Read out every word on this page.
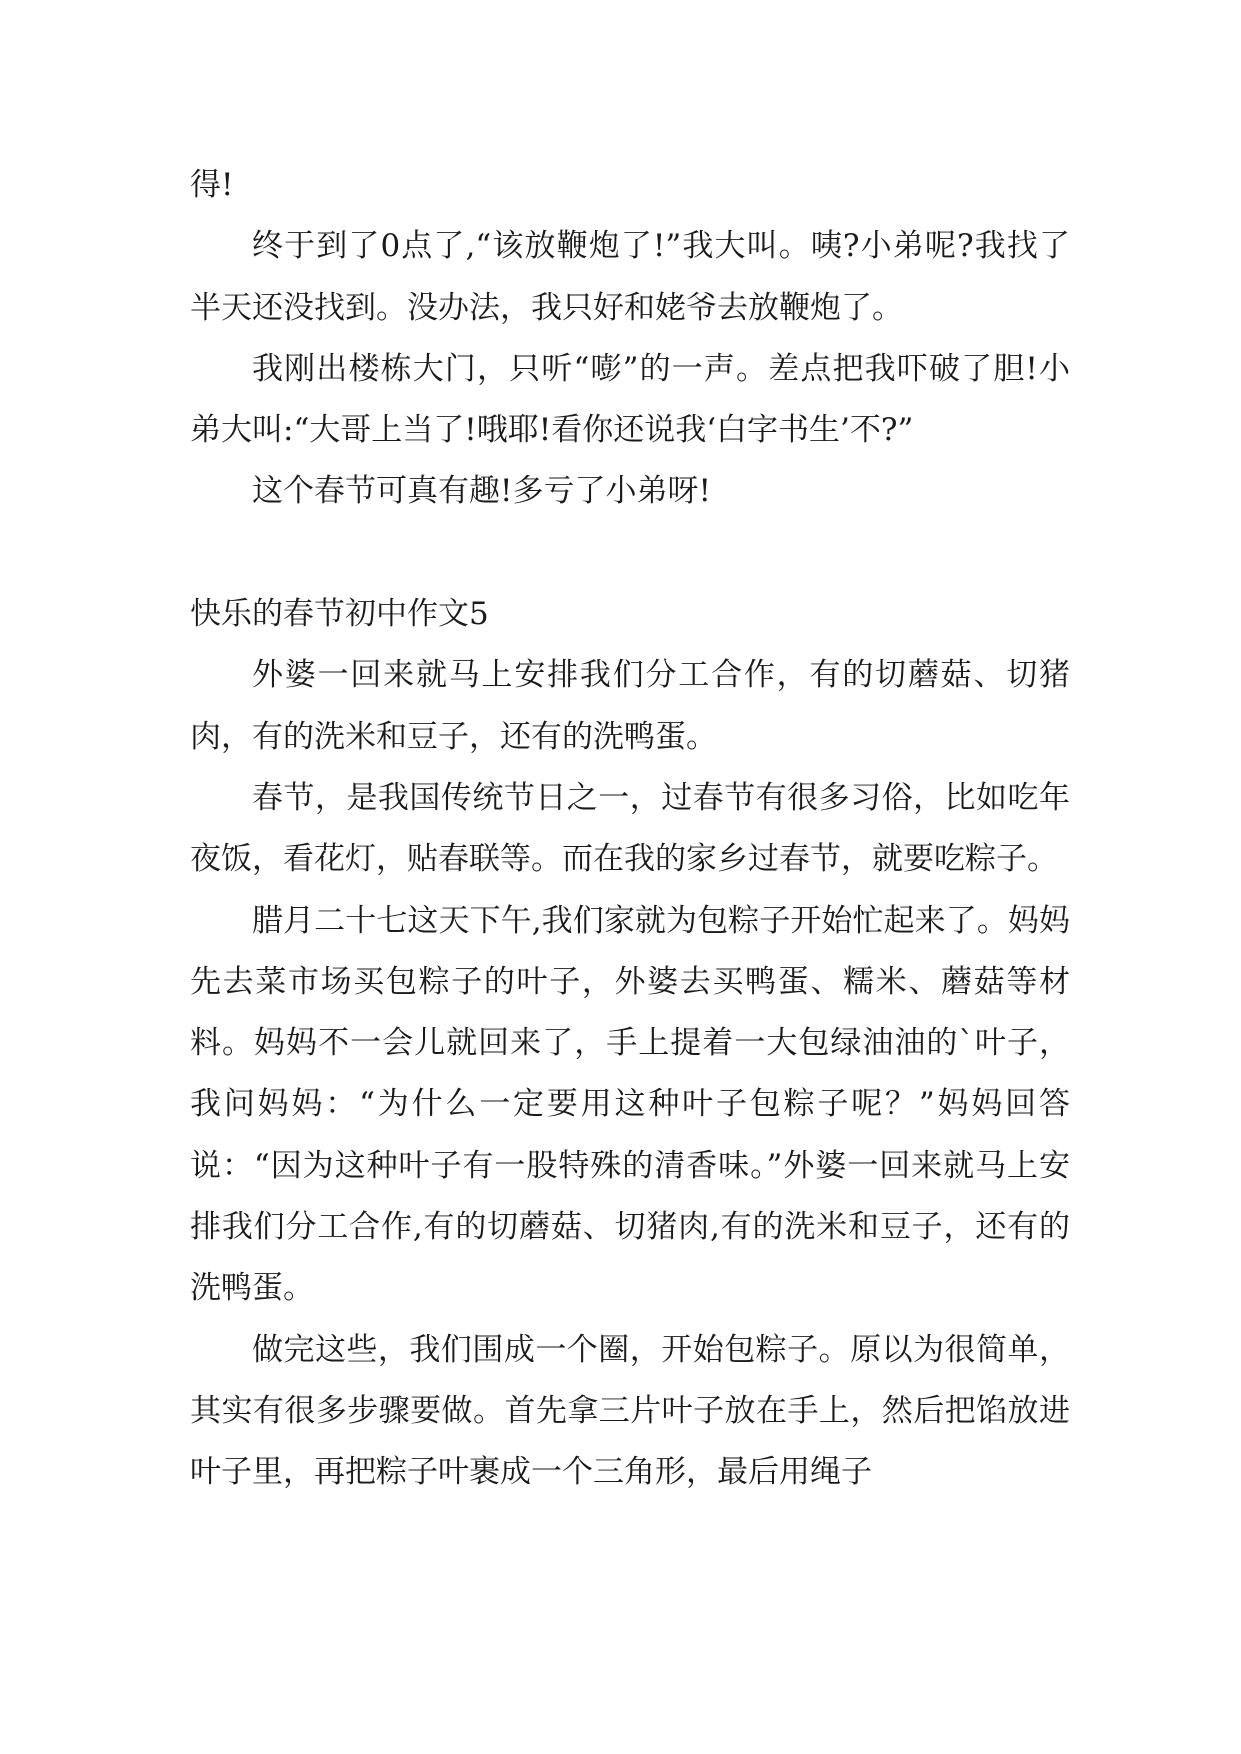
得!

终于到了0点了,“该放鞭炮了!”我大叫。咦?小弟呢?我找了半天还没找到。没办法，我只好和姥爷去放鞭炮了。

我刚出楼栋大门，只听“嘭”的一声。差点把我吓破了胆!小弟大叫:“大哥上当了!哦耶!看你还说我‘白字书生’不?”

这个春节可真有趣!多亏了小弟呀!

快乐的春节初中作文5

外婆一回来就马上安排我们分工合作，有的切蘑菇、切猪肉，有的洗米和豆子，还有的洗鸭蛋。

春节，是我国传统节日之一，过春节有很多习俗，比如吃年夜饭，看花灯，贴春联等。而在我的家乡过春节，就要吃粽子。

腊月二十七这天下午,我们家就为包粽子开始忙起来了。妈妈先去菜市场买包粽子的叶子，外婆去买鸭蛋、糯米、蘑菇等材料。妈妈不一会儿就回来了，手上提着一大包绿油油的`叶子，我问妈妈：“为什么一定要用这种叶子包粽子呢？”妈妈回答说：“因为这种叶子有一股特殊的清香味。”外婆一回来就马上安排我们分工合作,有的切蘑菇、切猪肉,有的洗米和豆子，还有的洗鸭蛋。

做完这些，我们围成一个圈，开始包粽子。原以为很简单，其实有很多步骤要做。首先拿三片叶子放在手上，然后把馅放进叶子里，再把粽子叶裹成一个三角形，最后用绳子
